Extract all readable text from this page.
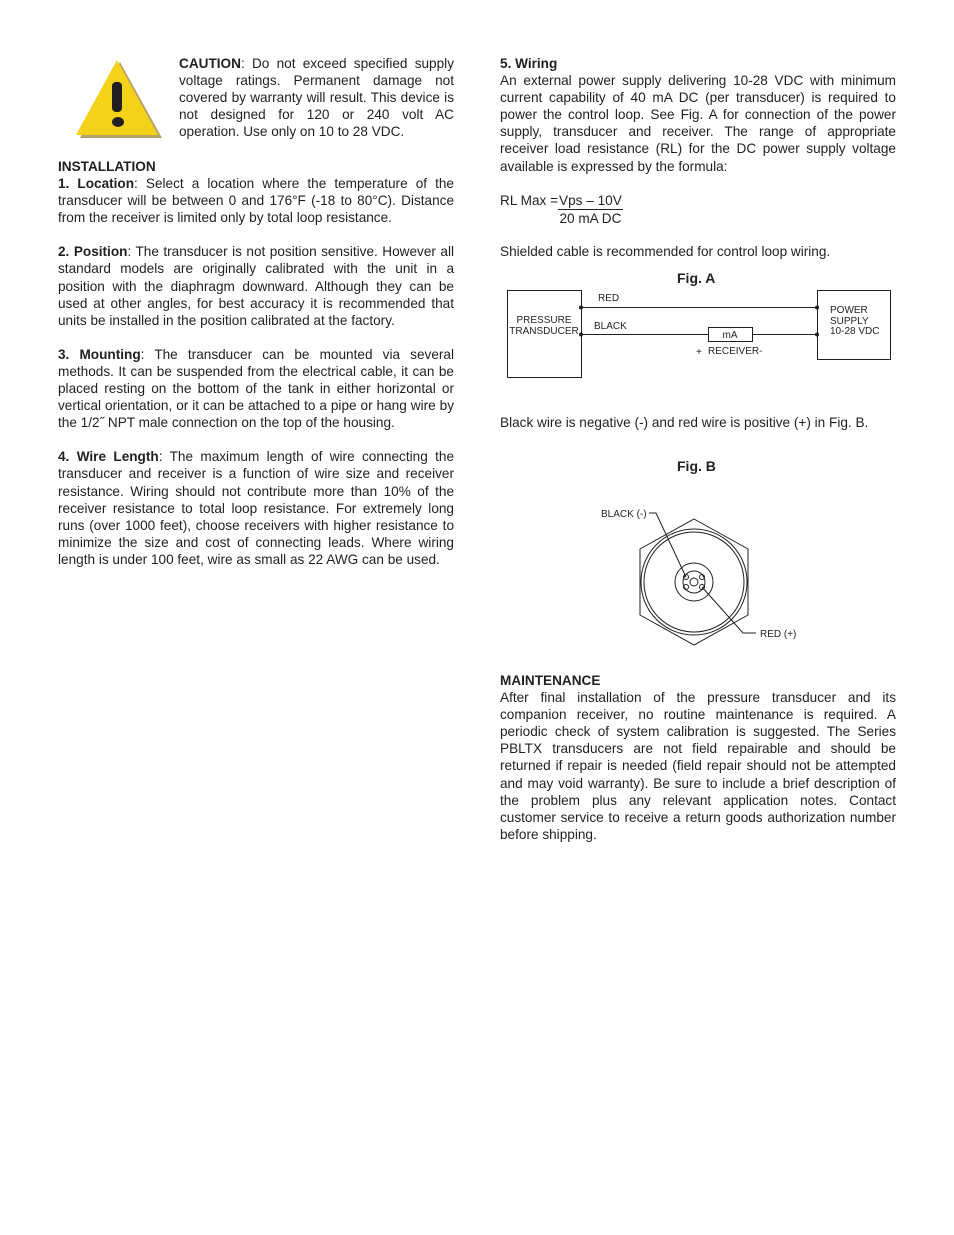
CAUTION: Do not exceed specified supply voltage ratings. Permanent damage not covered by warranty will result. This device is not designed for 120 or 240 volt AC operation. Use only on 10 to 28 VDC.

INSTALLATION

1. Location: Select a location where the temperature of the transducer will be between 0 and 176°F (-18 to 80°C). Distance from the receiver is limited only by total loop resistance.

2. Position: The transducer is not position sensitive. However all standard models are originally calibrated with the unit in a position with the diaphragm downward. Although they can be used at other angles, for best accuracy it is recommended that units be installed in the position calibrated at the factory.

3. Mounting: The transducer can be mounted via several methods. It can be suspended from the electrical cable, it can be placed resting on the bottom of the tank in either horizontal or vertical orientation, or it can be attached to a pipe or hang wire by the 1/2˝ NPT male connection on the top of the housing.

4. Wire Length: The maximum length of wire connecting the transducer and receiver is a function of wire size and receiver resistance. Wiring should not contribute more than 10% of the receiver resistance to total loop resistance. For extremely long runs (over 1000 feet), choose receivers with higher resistance to minimize the size and cost of connecting leads. Where wiring length is under 100 feet, wire as small as 22 AWG can be used.

5. Wiring

An external power supply delivering 10-28 VDC with minimum current capability of 40 mA DC (per transducer) is required to power the control loop. See Fig. A for connection of the power supply, transducer and receiver. The range of appropriate receiver load resistance (RL) for the DC power supply voltage available is expressed by the formula:

RL Max = Vps – 10V
20 mA DC

Shielded cable is recommended for control loop wiring.

Fig. A
PRESSURE
TRANSDUCER
POWER
SUPPLY
10-28 VDC
RED
BLACK
mA
+ RECEIVER -

Black wire is negative (-) and red wire is positive (+) in Fig. B.

Fig. B
BLACK (-)
RED (+)

MAINTENANCE

After final installation of the pressure transducer and its companion receiver, no routine maintenance is required. A periodic check of system calibration is suggested. The Series PBLTX transducers are not field repairable and should be returned if repair is needed (field repair should not be attempted and may void warranty). Be sure to include a brief description of the problem plus any relevant application notes. Contact customer service to receive a return goods authorization number before shipping.
